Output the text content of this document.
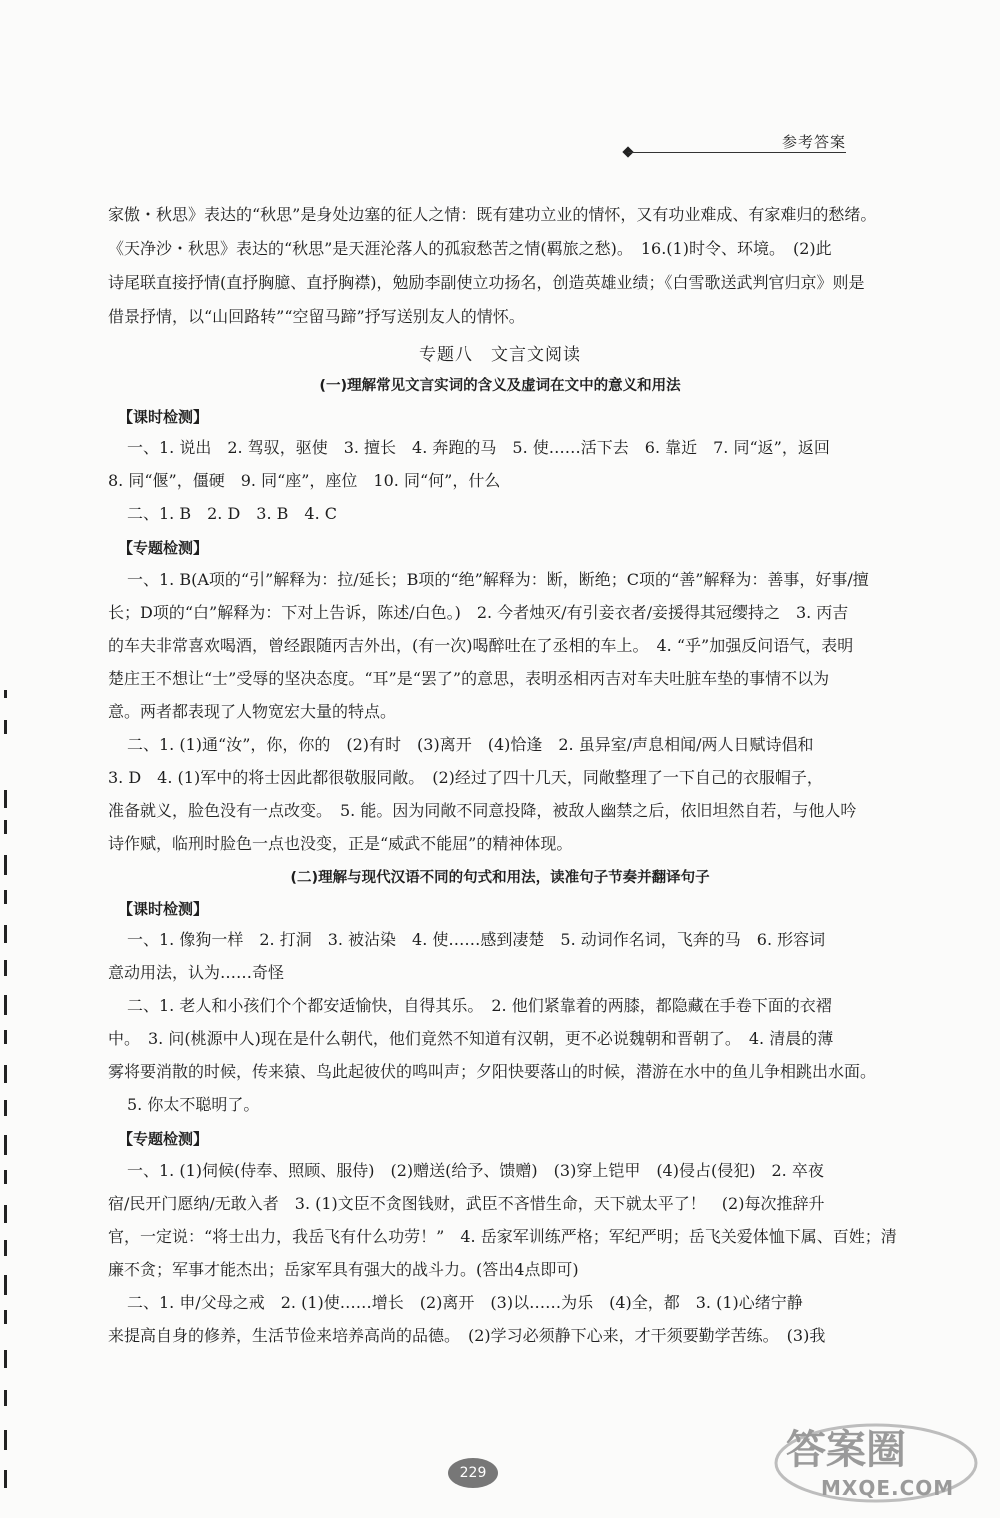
参考答案
家傲・秋思》表达的“秋思”是身处边塞的征人之情：既有建功立业的情怀，又有功业难成、有家难归的愁绪。
《天净沙・秋思》表达的“秋思”是天涯沦落人的孤寂愁苦之情(羁旅之愁)。　16.(1)时令、环境。　(2)此
诗尾联直接抒情(直抒胸臆、直抒胸襟)，勉励李副使立功扬名，创造英雄业绩；《白雪歌送武判官归京》则是
借景抒情，以“山回路转”“空留马蹄”抒写送别友人的情怀。
专题八　文言文阅读
(一)理解常见文言实词的含义及虚词在文中的意义和用法
【课时检测】
一、1. 说出　2. 驾驭，驱使　3. 擅长　4. 奔跑的马　5. 使……活下去　6. 靠近　7. 同“返”，返回
8. 同“偃”，僵硬　9. 同“座”，座位　10. 同“何”，什么
二、1. B　2. D　3. B　4. C
【专题检测】
一、1. B(A项的“引”解释为：拉/延长；B项的“绝”解释为：断，断绝；C项的“善”解释为：善事，好事/擅
长；D项的“白”解释为：下对上告诉，陈述/白色。)　2. 今者烛灭/有引妾衣者/妾援得其冠缨持之　3. 丙吉
的车夫非常喜欢喝酒，曾经跟随丙吉外出，(有一次)喝醉吐在了丞相的车上。　4. “乎”加强反问语气，表明
楚庄王不想让“士”受辱的坚决态度。“耳”是“罢了”的意思，表明丞相丙吉对车夫吐脏车垫的事情不以为
意。两者都表现了人物宽宏大量的特点。
二、1. (1)通“汝”，你，你的　(2)有时　(3)离开　(4)恰逢　2. 虽异室/声息相闻/两人日赋诗倡和
3. D　4. (1)军中的将士因此都很敬服同敞。　(2)经过了四十几天，同敞整理了一下自己的衣服帽子，
准备就义，脸色没有一点改变。　5. 能。因为同敞不同意投降，被敌人幽禁之后，依旧坦然自若，与他人吟
诗作赋，临刑时脸色一点也没变，正是“威武不能屈”的精神体现。
(二)理解与现代汉语不同的句式和用法，读准句子节奏并翻译句子
【课时检测】
一、1. 像狗一样　2. 打洞　3. 被沾染　4. 使……感到凄楚　5. 动词作名词，飞奔的马　6. 形容词
意动用法，认为……奇怪
二、1. 老人和小孩们个个都安适愉快，自得其乐。　2. 他们紧靠着的两膝，都隐藏在手卷下面的衣褶
中。　3. 问(桃源中人)现在是什么朝代，他们竟然不知道有汉朝，更不必说魏朝和晋朝了。　4. 清晨的薄
雾将要消散的时候，传来猿、鸟此起彼伏的鸣叫声；夕阳快要落山的时候，潜游在水中的鱼儿争相跳出水面。
5. 你太不聪明了。
【专题检测】
一、1. (1)伺候(侍奉、照顾、服侍)　(2)赠送(给予、馈赠)　(3)穿上铠甲　(4)侵占(侵犯)　2. 卒夜
宿/民开门愿纳/无敢入者　3. (1)文臣不贪图钱财，武臣不吝惜生命，天下就太平了！　(2)每次推辞升
官，一定说：“将士出力，我岳飞有什么功劳！”　4. 岳家军训练严格；军纪严明；岳飞关爱体恤下属、百姓；清
廉不贪；军事才能杰出；岳家军具有强大的战斗力。(答出4点即可)
二、1. 申/父母之戒　2. (1)使……增长　(2)离开　(3)以……为乐　(4)全，都　3. (1)心绪宁静
来提高自身的修养，生活节俭来培养高尚的品德。　(2)学习必须静下心来，才干须要勤学苦练。　(3)我
229	答案圈
MXQE.COM
